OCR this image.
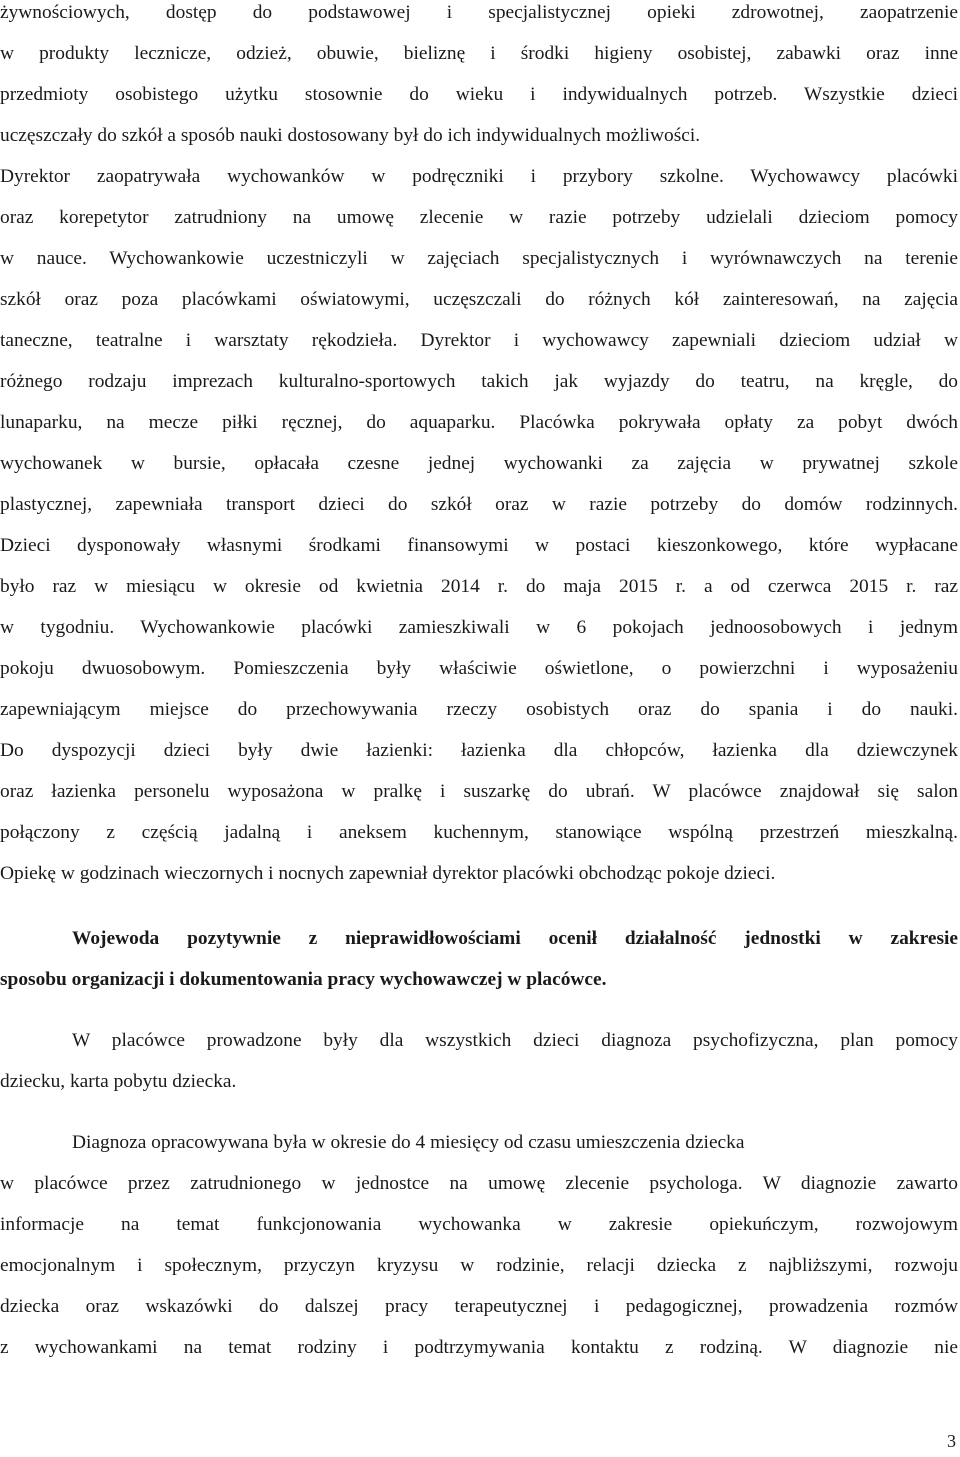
żywnościowych, dostęp do podstawowej i specjalistycznej opieki zdrowotnej, zaopatrzenie
w produkty lecznicze, odzież, obuwie, bieliznę i środki higieny osobistej, zabawki oraz inne
przedmioty osobistego użytku stosownie do wieku i indywidualnych potrzeb. Wszystkie dzieci
uczęszczały do szkół a sposób nauki dostosowany był do ich indywidualnych możliwości.
Dyrektor zaopatrywała wychowanków w podręczniki i przybory szkolne. Wychowawcy placówki
oraz korepetytor zatrudniony na umowę zlecenie w razie potrzeby udzielali dzieciom pomocy
w nauce. Wychowankowie uczestniczyli w zajęciach specjalistycznych i wyrównawczych na terenie
szkół oraz poza placówkami oświatowymi, uczęszczali do różnych kół zainteresowań, na zajęcia
taneczne, teatralne i warsztaty rękodzieła. Dyrektor i wychowawcy zapewniali dzieciom udział w
różnego rodzaju imprezach kulturalno-sportowych takich jak wyjazdy do teatru, na kręgle, do
lunaparku, na mecze piłki ręcznej, do aquaparku. Placówka pokrywała opłaty za pobyt dwóch
wychowanek w bursie, opłacała czesne jednej wychowanki za zajęcia w prywatnej szkole
plastycznej, zapewniała transport dzieci do szkół oraz w razie potrzeby do domów rodzinnych.
Dzieci dysponowały własnymi środkami finansowymi w postaci kieszonkowego, które wypłacane
było raz w miesiącu w okresie od kwietnia 2014 r. do maja 2015 r. a od czerwca 2015 r. raz
w tygodniu. Wychowankowie placówki zamieszkiwali w 6 pokojach jednoosobowych i jednym
pokoju dwuosobowym. Pomieszczenia były właściwie oświetlone, o powierzchni i wyposażeniu
zapewniającym miejsce do przechowywania rzeczy osobistych oraz do spania i do nauki.
Do dyspozycji dzieci były dwie łazienki: łazienka dla chłopców, łazienka dla dziewczynek
oraz łazienka personelu wyposażona w pralkę i suszarkę do ubrań. W placówce znajdował się salon
połączony z częścią jadalną i aneksem kuchennym, stanowiące wspólną przestrzeń mieszkalną.
Opiekę w godzinach wieczornych i nocnych zapewniał dyrektor placówki obchodząc pokoje dzieci.
Wojewoda pozytywnie z nieprawidłowościami ocenił działalność jednostki w zakresie
sposobu organizacji i dokumentowania pracy wychowawczej w placówce.
W placówce prowadzone były dla wszystkich dzieci diagnoza psychofizyczna, plan pomocy
dziecku, karta pobytu dziecka.
Diagnoza opracowywana była w okresie do 4 miesięcy od czasu umieszczenia dziecka
w placówce przez zatrudnionego w jednostce na umowę zlecenie psychologa. W diagnozie zawarto
informacje na temat funkcjonowania wychowanka w zakresie opiekuńczym, rozwojowym
emocjonalnym i społecznym, przyczyn kryzysu w rodzinie, relacji dziecka z najbliższymi, rozwoju
dziecka oraz wskazówki do dalszej pracy terapeutycznej i pedagogicznej, prowadzenia rozmów
z wychowankami na temat rodziny i podtrzymywania kontaktu z rodziną. W diagnozie nie
3
